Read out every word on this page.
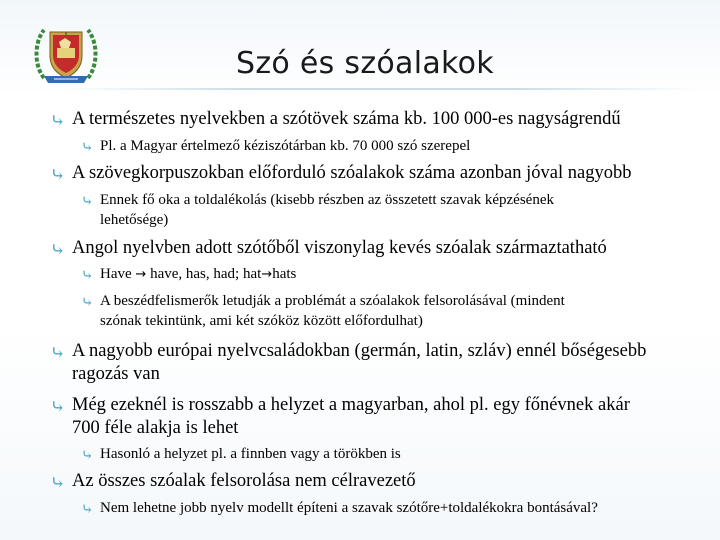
Szó és szóalakok
⤷ A természetes nyelvekben a szótövek száma kb. 100 000-es nagyságrendű
⤷ Pl. a Magyar értelmező kéziszótárban kb. 70 000 szó szerepel
⤷ A szövegkorpuszokban előforduló szóalakok száma azonban jóval nagyobb
⤷ Ennek fő oka a toldalékolás (kisebb részben az összetett szavak képzésének
lehetősége)
⤷ Angol nyelvben adott szótőből viszonylag kevés szóalak származtatható
⤷ Have → have, has, had; hat→hats
⤷ A beszédfelismerők letudják a problémát a szóalakok felsorolásával (mindent
szónak tekintünk, ami két szóköz között előfordulhat)
⤷ A nagyobb európai nyelvcsaládokban (germán, latin, szláv) ennél bőségesebb
ragozás van
⤷ Még ezeknél is rosszabb a helyzet a magyarban, ahol pl. egy főnévnek akár
700 féle alakja is lehet
⤷ Hasonló a helyzet pl. a finnben vagy a törökben is
⤷ Az összes szóalak felsorolása nem célravezető
⤷ Nem lehetne jobb nyelv modellt építeni a szavak szótőre+toldalékokra bontásával?
